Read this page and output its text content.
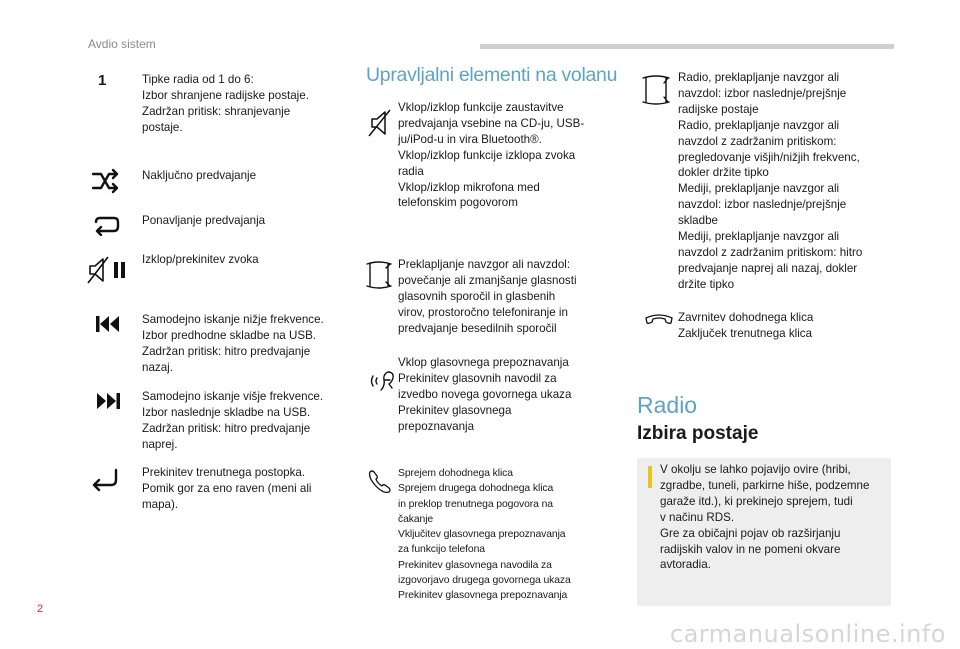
Avdio sistem
1	Tipke radia od 1 do 6:
Izbor shranjene radijske postaje.
Zadržan pritisk: shranjevanje
postaje.
Naključno predvajanje
Ponavljanje predvajanja
Izklop/prekinitev zvoka
Samodejno iskanje nižje frekvence.
Izbor predhodne skladbe na USB.
Zadržan pritisk: hitro predvajanje
nazaj.
Samodejno iskanje višje frekvence.
Izbor naslednje skladbe na USB.
Zadržan pritisk: hitro predvajanje
naprej.
Prekinitev trenutnega postopka.
Pomik gor za eno raven (meni ali
mapa).
Upravljalni elementi na volanu
Vklop/izklop funkcije zaustavitve
predvajanja vsebine na CD-ju, USB-
ju/iPod-u in vira Bluetooth®.
Vklop/izklop funkcije izklopa zvoka
radia
Vklop/izklop mikrofona med
telefonskim pogovorom
Preklapljanje navzgor ali navzdol:
povečanje ali zmanjšanje glasnosti
glasovnih sporočil in glasbenih
virov, prostoročno telefoniranje in
predvajanje besedilnih sporočil
Vklop glasovnega prepoznavanja
Prekinitev glasovnih navodil za
izvedbo novega govornega ukaza
Prekinitev glasovnega
prepoznavanja
Sprejem dohodnega klica
Sprejem drugega dohodnega klica
in preklop trenutnega pogovora na
čakanje
Vključitev glasovnega prepoznavanja
za funkcijo telefona
Prekinitev glasovnega navodila za
izgovorjavo drugega govornega ukaza
Prekinitev glasovnega prepoznavanja
Radio, preklapljanje navzgor ali
navzdol: izbor naslednje/prejšnje
radijske postaje
Radio, preklapljanje navzgor ali
navzdol z zadržanim pritiskom:
pregledovanje višjih/nižjih frekvenc,
dokler držite tipko
Mediji, preklapljanje navzgor ali
navzdol: izbor naslednje/prejšnje
skladbe
Mediji, preklapljanje navzgor ali
navzdol z zadržanim pritiskom: hitro
predvajanje naprej ali nazaj, dokler
držite tipko
Zavrnitev dohodnega klica
Zaključek trenutnega klica
Radio
Izbira postaje
V okolju se lahko pojavijo ovire (hribi,
zgradbe, tuneli, parkirne hiše, podzemne
garaže itd.), ki prekinejo sprejem, tudi
v načinu RDS.
Gre za običajni pojav ob razširjanju
radijskih valov in ne pomeni okvare
avtoradia.
2
carmanualsonline.info
